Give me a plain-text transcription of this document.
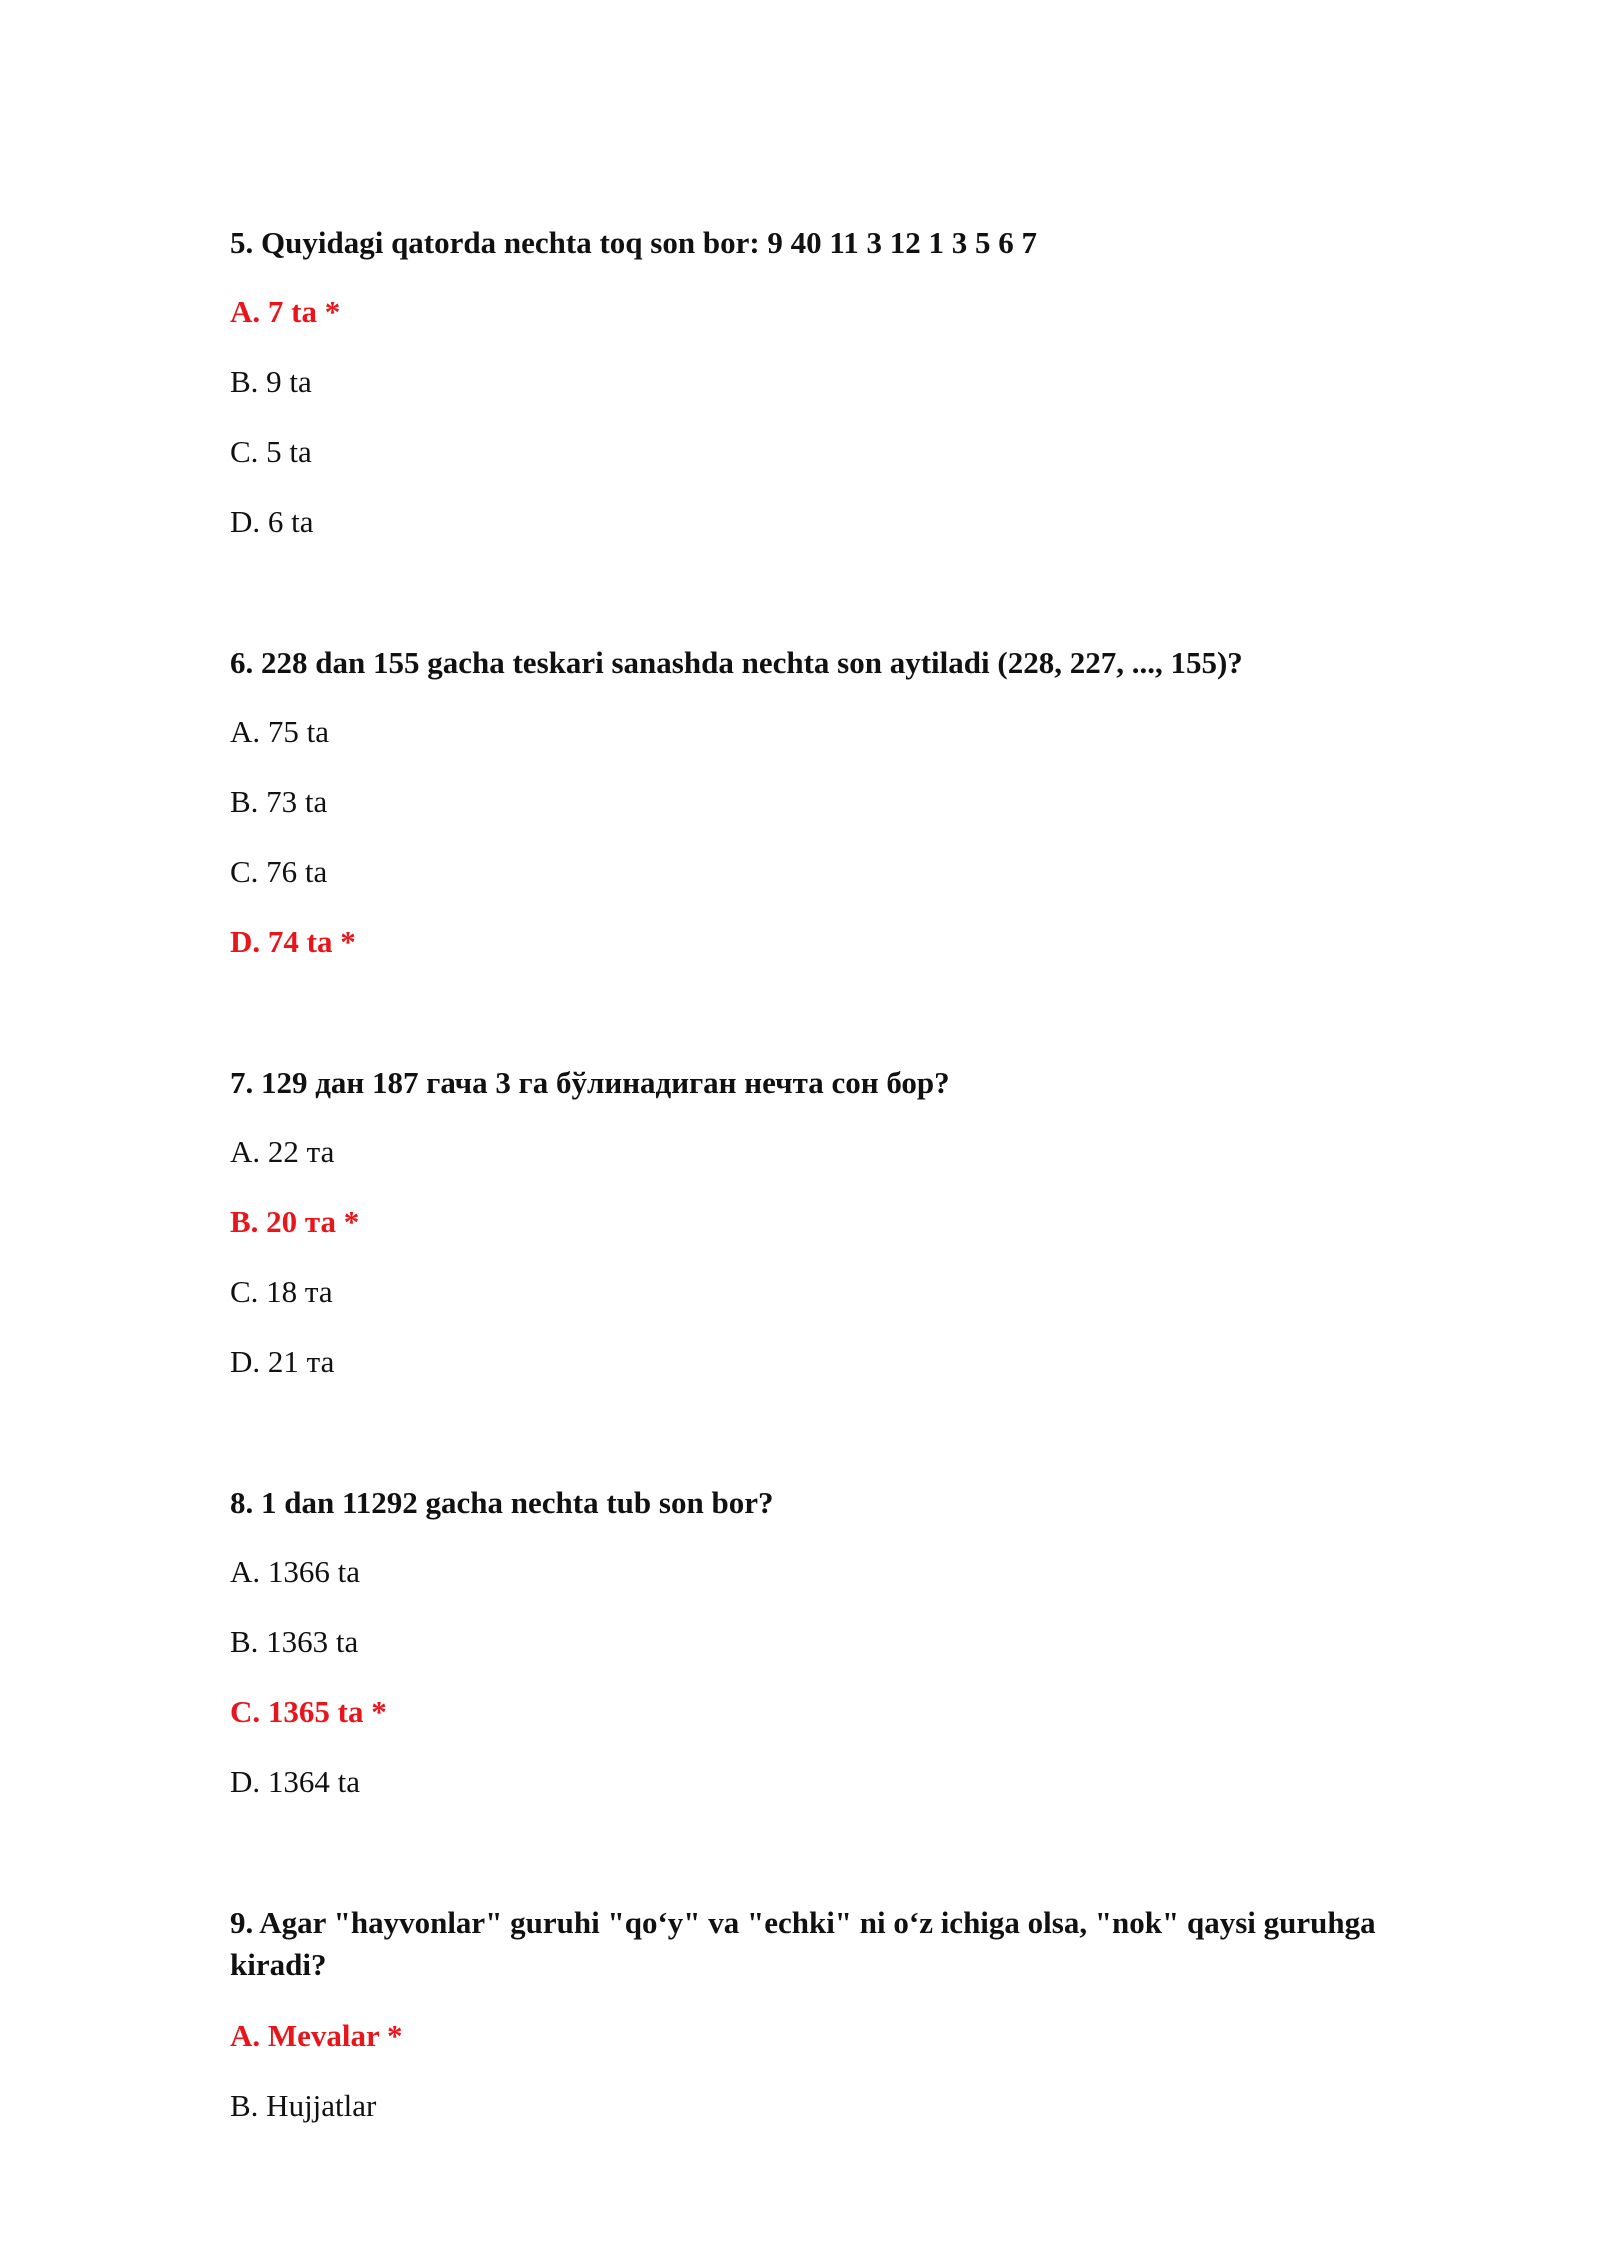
5. Quyidagi qatorda nechta toq son bor: 9 40 11 3 12 1 3 5 6 7

A. 7 ta *

B. 9 ta

C. 5 ta

D. 6 ta

6. 228 dan 155 gacha teskari sanashda nechta son aytiladi (228, 227, ..., 155)?

A. 75 ta

B. 73 ta

C. 76 ta

D. 74 ta *

7. 129 дан 187 гача 3 га бўлинадиган нечта сон бор?

A. 22 та

B. 20 та *

C. 18 та

D. 21 та

8. 1 dan 11292 gacha nechta tub son bor?

A. 1366 ta

B. 1363 ta

C. 1365 ta *

D. 1364 ta

9. Agar "hayvonlar" guruhi "qo‘y" va "echki" ni o‘z ichiga olsa, "nok" qaysi guruhga kiradi?

A. Mevalar *

B. Hujjatlar
